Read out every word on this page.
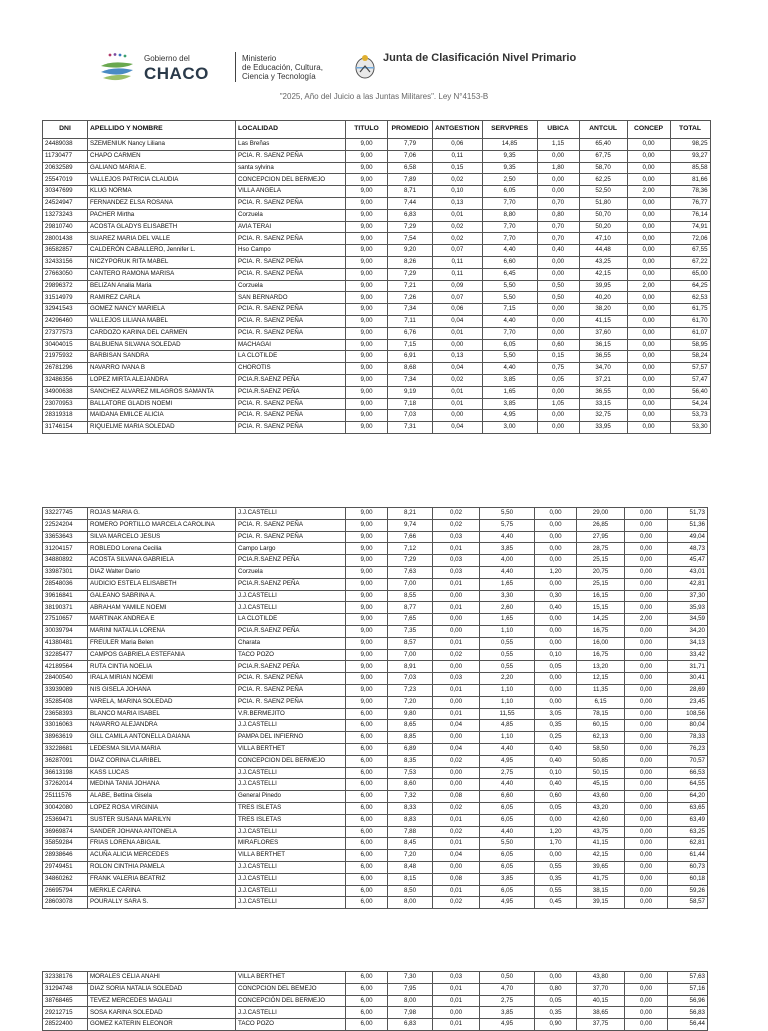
Gobierno del
CHACO
Ministerio
de Educación, Cultura,
Ciencia y Tecnología
Junta de Clasificación Nivel Primario
"2025, Año del Juicio a las Juntas Militares". Ley N°4153-B
DNI	APELLIDO Y NOMBRE	LOCALIDAD	TITULO	PROMEDIO	ANTGESTION	SERVPRES	UBICA	ANTCUL	CONCEP	TOTAL
24489038	SZEMENIUK Nancy Liliana	Las Breñas	9,00	7,79	0,06	14,85	1,15	65,40	0,00	98,25
11730477	CHAPO CARMEN	PCIA. R. SAENZ PEÑA	9,00	7,06	0,11	9,35	0,00	67,75	0,00	93,27
20632589	GALIANO MARIA E.	santa sylvina	9,00	6,58	0,15	9,35	1,80	58,70	0,00	85,58
25547019	VALLEJOS PATRICIA CLAUDIA	CONCEPCION DEL BERMEJO	9,00	7,89	0,02	2,50	0,00	62,25	0,00	81,66
30347699	KLUG NORMA	VILLA ANGELA	9,00	8,71	0,10	6,05	0,00	52,50	2,00	78,36
24524947	FERNANDEZ ELSA ROSANA	PCIA. R. SAENZ PEÑA	9,00	7,44	0,13	7,70	0,70	51,80	0,00	76,77
13273243	PACHER Mirtha	Corzuela	9,00	6,83	0,01	8,80	0,80	50,70	0,00	76,14
29810740	ACOSTA GLADYS ELISABETH	AVIA TERAI	9,00	7,29	0,02	7,70	0,70	50,20	0,00	74,91
28001438	SUAREZ MARIA DEL VALLE	PCIA. R. SAENZ PEÑA	9,00	7,54	0,02	7,70	0,70	47,10	0,00	72,06
36582857	CALDERÓN CABALLERO, Jennifer L.	Hso Campo	9,00	9,20	0,07	4,40	0,40	44,48	0,00	67,55
32433156	NICZYPORUK RITA MABEL	PCIA. R. SAENZ PEÑA	9,00	8,26	0,11	6,60	0,00	43,25	0,00	67,22
27663050	CANTERO RAMONA MARISA	PCIA. R. SAENZ PEÑA	9,00	7,29	0,11	6,45	0,00	42,15	0,00	65,00
29896372	BELIZAN Analia Maria	Corzuela	9,00	7,21	0,09	5,50	0,50	39,95	2,00	64,25
31514979	RAMIREZ CARLA	SAN BERNARDO	9,00	7,26	0,07	5,50	0,50	40,20	0,00	62,53
32941543	GOMEZ NANCY MARIELA	PCIA. R. SAENZ PEÑA	9,00	7,34	0,06	7,15	0,00	38,20	0,00	61,75
24296460	VALLEJOS LILIANA MABEL	PCIA. R. SAENZ PEÑA	9,00	7,11	0,04	4,40	0,00	41,15	0,00	61,70
27377573	CARDOZO KARINA DEL CARMEN	PCIA. R. SAENZ PEÑA	9,00	6,76	0,01	7,70	0,00	37,60	0,00	61,07
30404015	BALBUENA SILVANA SOLEDAD	MACHAGAI	9,00	7,15	0,00	6,05	0,60	36,15	0,00	58,95
21975932	BARBISAN SANDRA	LA CLOTILDE	9,00	6,91	0,13	5,50	0,15	36,55	0,00	58,24
26781296	NAVARRO IVANA B	CHOROTIS	9,00	8,68	0,04	4,40	0,75	34,70	0,00	57,57
32486356	LOPEZ MIRTA ALEJANDRA	PCIA.R.SAENZ PEÑA	9,00	7,34	0,02	3,85	0,05	37,21	0,00	57,47
34900638	SANCHEZ ALVAREZ MILAGROS SAMANTA	PCIA.R.SAENZ PEÑA	9,00	9,19	0,01	1,65	0,00	36,55	0,00	56,40
23070953	BALLATORE GLADIS NOEMI	PCIA. R. SAENZ PEÑA	9,00	7,18	0,01	3,85	1,05	33,15	0,00	54,24
28319318	MAIDANA EMILCE ALICIA	PCIA. R. SAENZ PEÑA	9,00	7,03	0,00	4,95	0,00	32,75	0,00	53,73
31746154	RIQUELME MARIA SOLEDAD	PCIA. R. SAENZ PEÑA	9,00	7,31	0,04	3,00	0,00	33,95	0,00	53,30
33227745	ROJAS MARIA G.	J.J.CASTELLI	9,00	8,21	0,02	5,50	0,00	29,00	0,00	51,73
22524204	ROMERO PORTILLO MARCELA CAROLINA	PCIA. R. SAENZ PEÑA	9,00	9,74	0,02	5,75	0,00	26,85	0,00	51,36
33653643	SILVA MARCELO JESUS	PCIA. R. SAENZ PEÑA	9,00	7,66	0,03	4,40	0,00	27,95	0,00	49,04
31204157	ROBLEDO Lorena Cecilia	Campo Largo	9,00	7,12	0,01	3,85	0,00	28,75	0,00	48,73
34880892	ACOSTA SILVANA GABRIELA	PCIA.R.SAENZ PEÑA	9,00	7,29	0,03	4,00	0,00	25,15	0,00	45,47
33987301	DIAZ Walter Dario	Corzuela	9,00	7,63	0,03	4,40	1,20	20,75	0,00	43,01
28548036	AUDICIO ESTELA ELISABETH	PCIA.R.SAENZ PEÑA	9,00	7,00	0,01	1,65	0,00	25,15	0,00	42,81
39616841	GALEANO SABRINA A.	J.J.CASTELLI	9,00	8,55	0,00	3,30	0,30	16,15	0,00	37,30
38190371	ABRAHAM YAMILE NOEMI	J.J.CASTELLI	9,00	8,77	0,01	2,60	0,40	15,15	0,00	35,93
27510657	MARTINAK ANDREA E	LA CLOTILDE	9,00	7,65	0,00	1,65	0,00	14,25	2,00	34,59
30039794	MARINI NATALIA LORENA	PCIA.R.SAENZ PEÑA	9,00	7,35	0,00	1,10	0,00	16,75	0,00	34,20
41380481	FREULER Maria Belen	Charata	9,00	8,57	0,01	0,55	0,00	16,00	0,00	34,13
32285477	CAMPOS GABRIELA ESTEFANIA	TACO POZO	9,00	7,00	0,02	0,55	0,10	16,75	0,00	33,42
42189564	RUTA CINTIA NOELIA	PCIA.R.SAENZ PEÑA	9,00	8,91	0,00	0,55	0,05	13,20	0,00	31,71
28400540	IRALA MIRIAN NOEMI	PCIA. R. SAENZ PEÑA	9,00	7,03	0,03	2,20	0,00	12,15	0,00	30,41
33939089	NIS GISELA JOHANA	PCIA. R. SAENZ PEÑA	9,00	7,23	0,01	1,10	0,00	11,35	0,00	28,69
35285408	VARELA, MARINA SOLEDAD	PCIA. R. SAENZ PEÑA	9,00	7,20	0,00	1,10	0,00	6,15	0,00	23,45
23658393	BLANCO MARIA ISABEL	V.R.BERMEJITO	6,00	9,80	0,01	11,55	3,05	78,15	0,00	108,56
33016063	NAVARRO ALEJANDRA	J.J.CASTELLI	6,00	8,65	0,04	4,85	0,35	60,15	0,00	80,04
38963619	GILL CAMILA ANTONELLA DAIANA	PAMPA DEL INFIERNO	6,00	8,85	0,00	1,10	0,25	62,13	0,00	78,33
33228681	LEDESMA SILVIA MARIA	VILLA BERTHET	6,00	6,89	0,04	4,40	0,40	58,50	0,00	76,23
36287091	DIAZ CORINA CLARIBEL	CONCEPCION DEL BERMEJO	6,00	8,35	0,02	4,95	0,40	50,85	0,00	70,57
36613198	KASS LUCAS	J.J.CASTELLI	6,00	7,53	0,00	2,75	0,10	50,15	0,00	66,53
37262014	MEDINA TANIA JOHANA	J.J.CASTELLI	6,00	8,60	0,00	4,40	0,40	45,15	0,00	64,55
25111576	ALABE, Bettina Gisela	General Pinedo	6,00	7,32	0,08	6,60	0,60	43,60	0,00	64,20
30042080	LOPEZ ROSA VIRGINIA	TRES ISLETAS	6,00	8,33	0,02	6,05	0,05	43,20	0,00	63,65
25369471	SUSTER SUSANA MARILYN	TRES ISLETAS	6,00	8,83	0,01	6,05	0,00	42,60	0,00	63,49
36969874	SANDER JOHANA ANTONELA	J.J.CASTELLI	6,00	7,88	0,02	4,40	1,20	43,75	0,00	63,25
35859284	FRIAS LORENA ABIGAIL	MIRAFLORES	6,00	8,45	0,01	5,50	1,70	41,15	0,00	62,81
28938646	ACUÑA ALICIA MERCEDES	VILLA BERTHET	6,00	7,20	0,04	6,05	0,00	42,15	0,00	61,44
29749451	ROLON CINTHIA PAMELA	J.J.CASTELLI	6,00	8,48	0,00	6,05	0,55	39,65	0,00	60,73
34860262	FRANK VALERIA BEATRIZ	J.J.CASTELLI	6,00	8,15	0,08	3,85	0,35	41,75	0,00	60,18
26695794	MERKLE CARINA	J.J.CASTELLI	6,00	8,50	0,01	6,05	0,55	38,15	0,00	59,26
28603078	POURALLY SARA S.	J.J.CASTELLI	6,00	8,00	0,02	4,95	0,45	39,15	0,00	58,57
32338176	MORALES CELIA ANAHI	VILLA BERTHET	6,00	7,30	0,03	0,50	0,00	43,80	0,00	57,63
31294748	DIAZ SORIA NATALIA SOLEDAD	CONCPCION DEL BEMEJO	6,00	7,95	0,01	4,70	0,80	37,70	0,00	57,16
38768465	TEVEZ MERCEDES MAGALI	CONCEPCIÓN DEL BERMEJO	6,00	8,00	0,01	2,75	0,05	40,15	0,00	56,96
29212715	SOSA KARINA SOLEDAD	J.J.CASTELLI	6,00	7,98	0,00	3,85	0,35	38,65	0,00	56,83
28522400	GOMEZ KATERIN ELEONOR	TACO POZO	6,00	6,83	0,01	4,95	0,90	37,75	0,00	56,44
